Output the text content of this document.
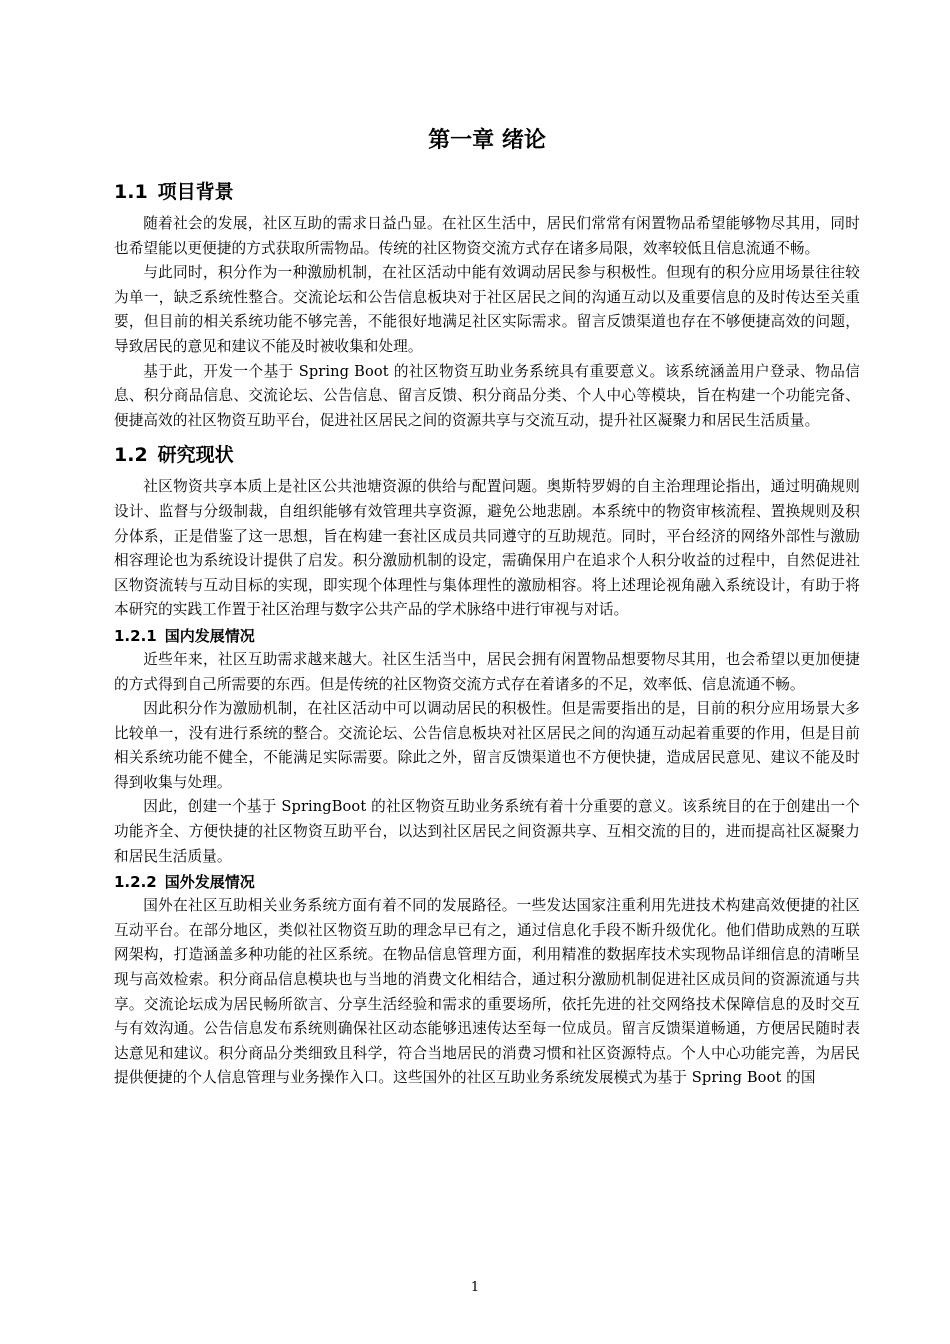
第一章 绪论
1.1 项目背景

随着社会的发展，社区互助的需求日益凸显。在社区生活中，居民们常常有闲置物品希望能够物尽其用，同时也希望能以更便捷的方式获取所需物品。传统的社区物资交流方式存在诸多局限，效率较低且信息流通不畅。

与此同时，积分作为一种激励机制，在社区活动中能有效调动居民参与积极性。但现有的积分应用场景往往较为单一，缺乏系统性整合。交流论坛和公告信息板块对于社区居民之间的沟通互动以及重要信息的及时传达至关重要，但目前的相关系统功能不够完善，不能很好地满足社区实际需求。留言反馈渠道也存在不够便捷高效的问题，导致居民的意见和建议不能及时被收集和处理。

基于此，开发一个基于 Spring Boot 的社区物资互助业务系统具有重要意义。该系统涵盖用户登录、物品信息、积分商品信息、交流论坛、公告信息、留言反馈、积分商品分类、个人中心等模块，旨在构建一个功能完备、便捷高效的社区物资互助平台，促进社区居民之间的资源共享与交流互动，提升社区凝聚力和居民生活质量。

1.2 研究现状

社区物资共享本质上是社区公共池塘资源的供给与配置问题。奥斯特罗姆的自主治理理论指出，通过明确规则设计、监督与分级制裁，自组织能够有效管理共享资源，避免公地悲剧。本系统中的物资审核流程、置换规则及积分体系，正是借鉴了这一思想，旨在构建一套社区成员共同遵守的互助规范。同时，平台经济的网络外部性与激励相容理论也为系统设计提供了启发。积分激励机制的设定，需确保用户在追求个人积分收益的过程中，自然促进社区物资流转与互动目标的实现，即实现个体理性与集体理性的激励相容。将上述理论视角融入系统设计，有助于将本研究的实践工作置于社区治理与数字公共产品的学术脉络中进行审视与对话。

1.2.1 国内发展情况

近些年来，社区互助需求越来越大。社区生活当中，居民会拥有闲置物品想要物尽其用，也会希望以更加便捷的方式得到自己所需要的东西。但是传统的社区物资交流方式存在着诸多的不足，效率低、信息流通不畅。

因此积分作为激励机制，在社区活动中可以调动居民的积极性。但是需要指出的是，目前的积分应用场景大多比较单一，没有进行系统的整合。交流论坛、公告信息板块对社区居民之间的沟通互动起着重要的作用，但是目前相关系统功能不健全，不能满足实际需要。除此之外，留言反馈渠道也不方便快捷，造成居民意见、建议不能及时得到收集与处理。

因此，创建一个基于 SpringBoot 的社区物资互助业务系统有着十分重要的意义。该系统目的在于创建出一个功能齐全、方便快捷的社区物资互助平台，以达到社区居民之间资源共享、互相交流的目的，进而提高社区凝聚力和居民生活质量。

1.2.2 国外发展情况

国外在社区互助相关业务系统方面有着不同的发展路径。一些发达国家注重利用先进技术构建高效便捷的社区互动平台。在部分地区，类似社区物资互助的理念早已有之，通过信息化手段不断升级优化。他们借助成熟的互联网架构，打造涵盖多种功能的社区系统。在物品信息管理方面，利用精准的数据库技术实现物品详细信息的清晰呈现与高效检索。积分商品信息模块也与当地的消费文化相结合，通过积分激励机制促进社区成员间的资源流通与共享。交流论坛成为居民畅所欲言、分享生活经验和需求的重要场所，依托先进的社交网络技术保障信息的及时交互与有效沟通。公告信息发布系统则确保社区动态能够迅速传达至每一位成员。留言反馈渠道畅通，方便居民随时表达意见和建议。积分商品分类细致且科学，符合当地居民的消费习惯和社区资源特点。个人中心功能完善，为居民提供便捷的个人信息管理与业务操作入口。这些国外的社区互助业务系统发展模式为基于 Spring Boot 的国

1
